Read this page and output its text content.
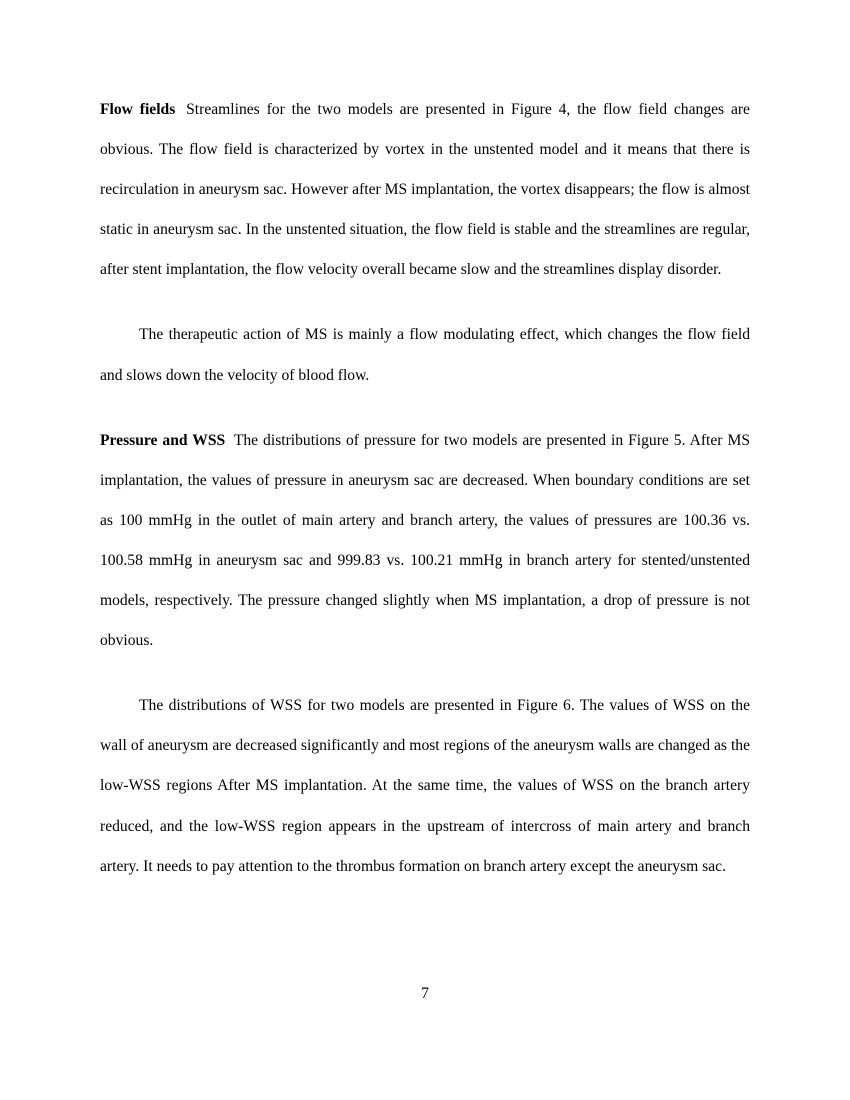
Flow fields Streamlines for the two models are presented in Figure 4, the flow field changes are obvious. The flow field is characterized by vortex in the unstented model and it means that there is recirculation in aneurysm sac. However after MS implantation, the vortex disappears; the flow is almost static in aneurysm sac. In the unstented situation, the flow field is stable and the streamlines are regular, after stent implantation, the flow velocity overall became slow and the streamlines display disorder.

The therapeutic action of MS is mainly a flow modulating effect, which changes the flow field and slows down the velocity of blood flow.

Pressure and WSS The distributions of pressure for two models are presented in Figure 5. After MS implantation, the values of pressure in aneurysm sac are decreased. When boundary conditions are set as 100 mmHg in the outlet of main artery and branch artery, the values of pressures are 100.36 vs. 100.58 mmHg in aneurysm sac and 999.83 vs. 100.21 mmHg in branch artery for stented/unstented models, respectively. The pressure changed slightly when MS implantation, a drop of pressure is not obvious.

The distributions of WSS for two models are presented in Figure 6. The values of WSS on the wall of aneurysm are decreased significantly and most regions of the aneurysm walls are changed as the low-WSS regions After MS implantation. At the same time, the values of WSS on the branch artery reduced, and the low-WSS region appears in the upstream of intercross of main artery and branch artery. It needs to pay attention to the thrombus formation on branch artery except the aneurysm sac.

7
